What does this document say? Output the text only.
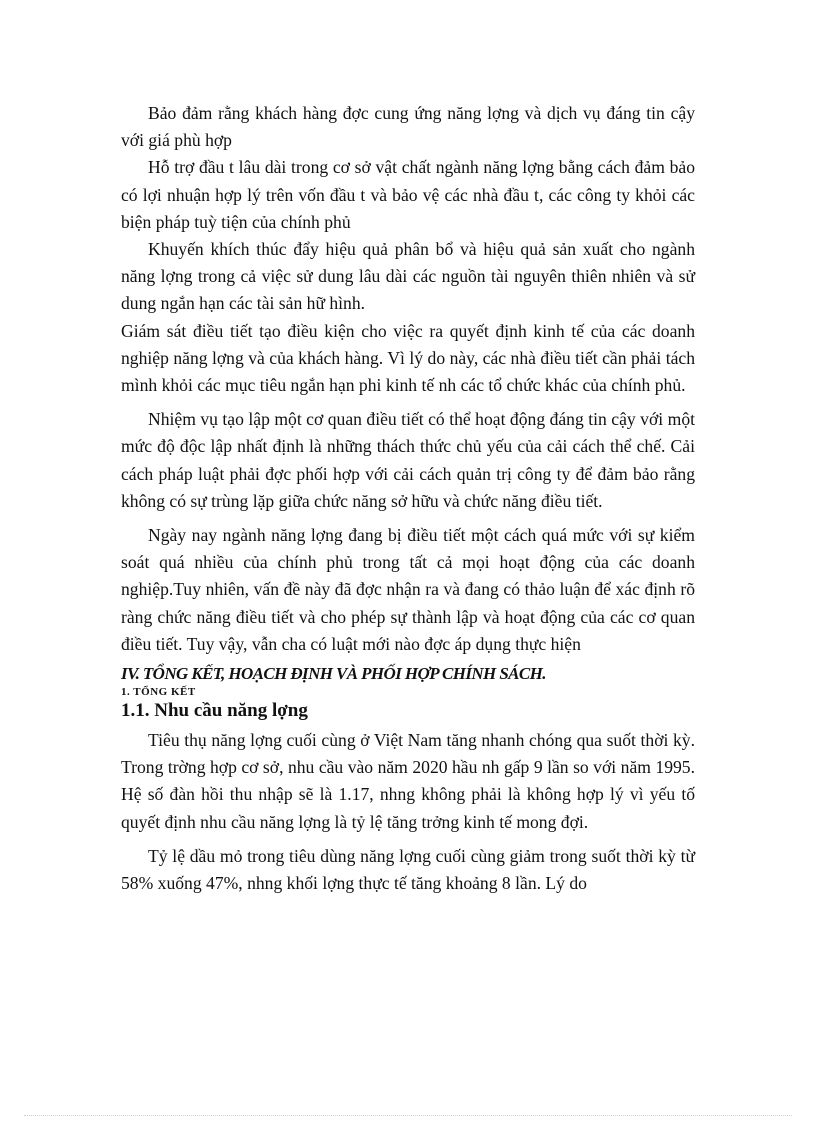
Bảo đảm rằng khách hàng đợc cung ứng năng lợng và dịch vụ đáng tin cậy với giá phù hợp

Hỗ trợ đầu t lâu dài trong cơ sở vật chất ngành năng lợng bằng cách đảm bảo có lợi nhuận hợp lý trên vốn đầu t và bảo vệ các nhà đầu t, các công ty khỏi các biện pháp tuỳ tiện của chính phủ

Khuyến khích thúc đẩy hiệu quả phân bổ và hiệu quả sản xuất cho ngành năng lợng trong cả việc sử dung lâu dài các nguồn tài nguyên thiên nhiên và sử dung ngắn hạn các tài sản hữ hình.

Giám sát điều tiết tạo điều kiện cho việc ra quyết định kinh tế của các doanh nghiệp năng lợng và của khách hàng. Vì lý do này, các nhà điều tiết cần phải tách mình khỏi các mục tiêu ngắn hạn phi kinh tế nh các tổ chức khác của chính phủ.

Nhiệm vụ tạo lập một cơ quan điều tiết có thể hoạt động đáng tin cậy với một mức độ độc lập nhất định là những thách thức chủ yếu của cải cách thể chế. Cải cách pháp luật phải đợc phối hợp với cải cách quản trị công ty để đảm bảo rằng không có sự trùng lặp giữa chức năng sở hữu và chức năng điều tiết.

Ngày nay ngành năng lợng đang bị điều tiết một cách quá mức với sự kiểm soát quá nhiều của chính phủ trong tất cả mọi hoạt động của các doanh nghiệp.Tuy nhiên, vấn đề này đã đợc nhận ra và đang có thảo luận để xác định rõ ràng chức năng điều tiết và cho phép sự thành lập và hoạt động của các cơ quan điều tiết. Tuy vậy, vẫn cha có luật mới nào đợc áp dụng thực hiện

IV. TỔNG KẾT, HOẠCH ĐỊNH VÀ PHỐI HỢP CHÍNH SÁCH.
1. TỔNG KẾT
1.1. Nhu cầu năng lợng

Tiêu thụ năng lợng cuối cùng ở Việt Nam tăng nhanh chóng qua suốt thời kỳ. Trong trờng hợp cơ sở, nhu cầu vào năm 2020 hầu nh gấp 9 lần so với năm 1995. Hệ số đàn hồi thu nhập sẽ là 1.17, nhng không phải là không hợp lý vì yếu tố quyết định nhu cầu năng lợng là tỷ lệ tăng trởng kinh tế mong đợi.

Tỷ lệ dầu mỏ trong tiêu dùng năng lợng cuối cùng giảm trong suốt thời kỳ từ 58% xuống 47%, nhng khối lợng thực tế tăng khoảng 8 lần. Lý do
